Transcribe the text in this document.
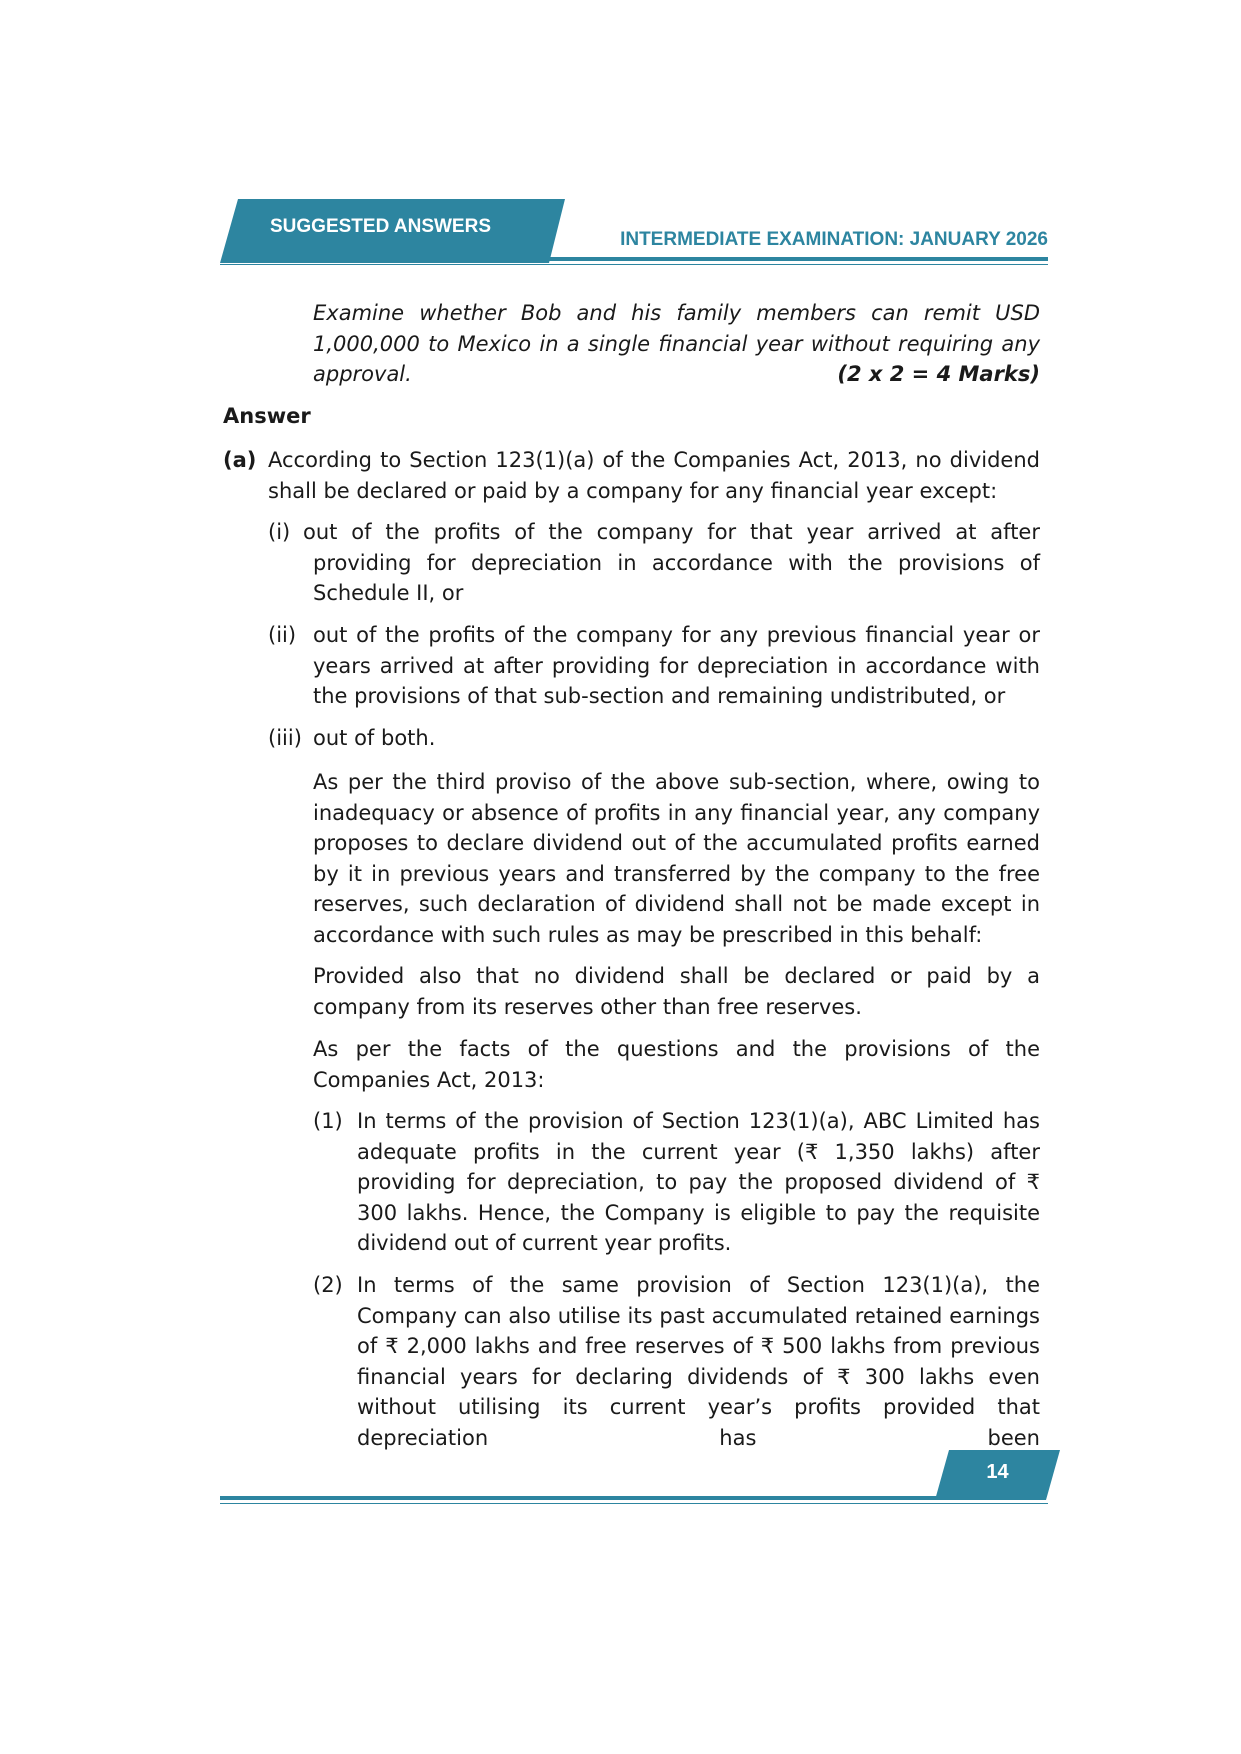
SUGGESTED ANSWERS
INTERMEDIATE EXAMINATION: JANUARY 2026
Examine whether Bob and his family members can remit USD 1,000,000 to Mexico in a single financial year without requiring any
approval.	(2 x 2 = 4 Marks)
Answer
(a) According to Section 123(1)(a) of the Companies Act, 2013, no dividend shall be declared or paid by a company for any financial year except:

(i) out of the profits of the company for that year arrived at after providing for depreciation in accordance with the provisions of Schedule II, or

(ii) out of the profits of the company for any previous financial year or years arrived at after providing for depreciation in accordance with the provisions of that sub-section and remaining undistributed, or

(iii) out of both.

As per the third proviso of the above sub-section, where, owing to inadequacy or absence of profits in any financial year, any company proposes to declare dividend out of the accumulated profits earned by it in previous years and transferred by the company to the free reserves, such declaration of dividend shall not be made except in accordance with such rules as may be prescribed in this behalf:

Provided also that no dividend shall be declared or paid by a company from its reserves other than free reserves.

As per the facts of the questions and the provisions of the Companies Act, 2013:

(1) In terms of the provision of Section 123(1)(a), ABC Limited has adequate profits in the current year (₹ 1,350 lakhs) after providing for depreciation, to pay the proposed dividend of ₹ 300 lakhs. Hence, the Company is eligible to pay the requisite dividend out of current year profits.

(2) In terms of the same provision of Section 123(1)(a), the Company can also utilise its past accumulated retained earnings of ₹ 2,000 lakhs and free reserves of ₹ 500 lakhs from previous financial years for declaring dividends of ₹ 300 lakhs even without utilising its current year’s profits provided that depreciation has been

14
